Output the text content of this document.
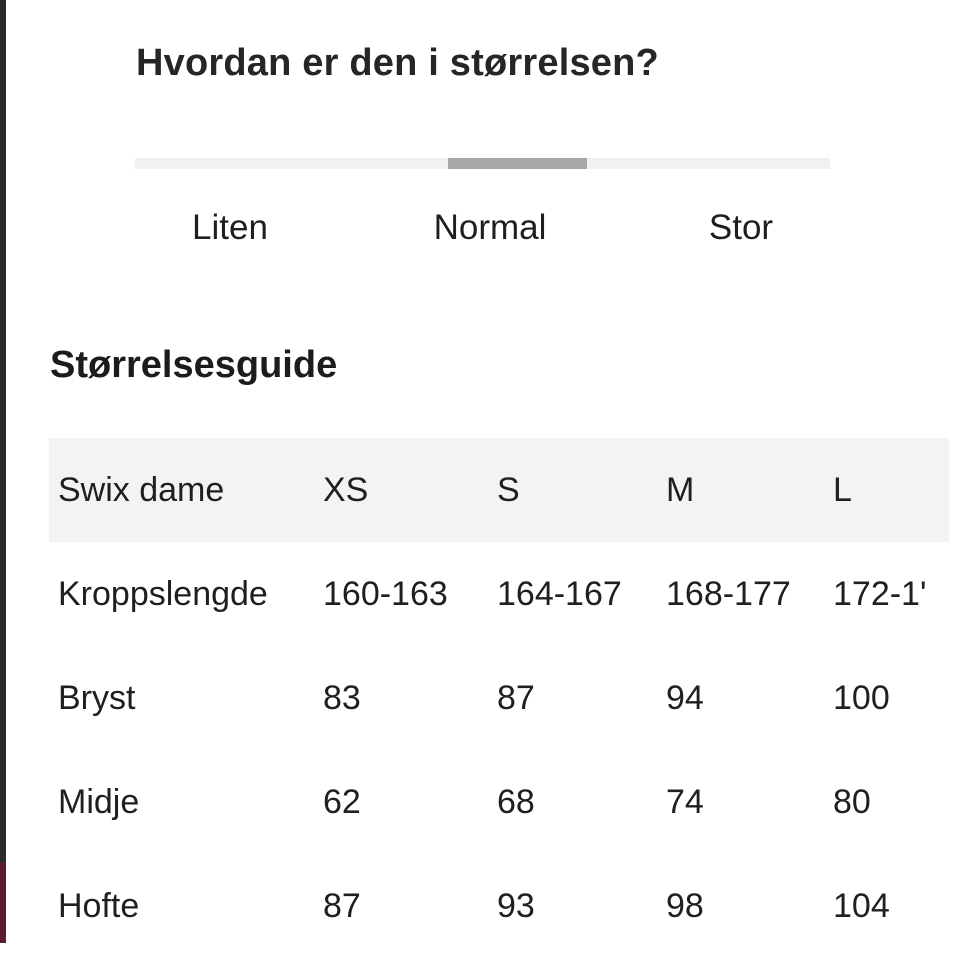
Hvordan er den i størrelsen?
Liten	Normal	Stor
Størrelsesguide
Swix dame	XS	S	M	L
Kroppslengde	160-163	164-167	168-177	172-1'
Bryst	83	87	94	100
Midje	62	68	74	80
Hofte	87	93	98	104
